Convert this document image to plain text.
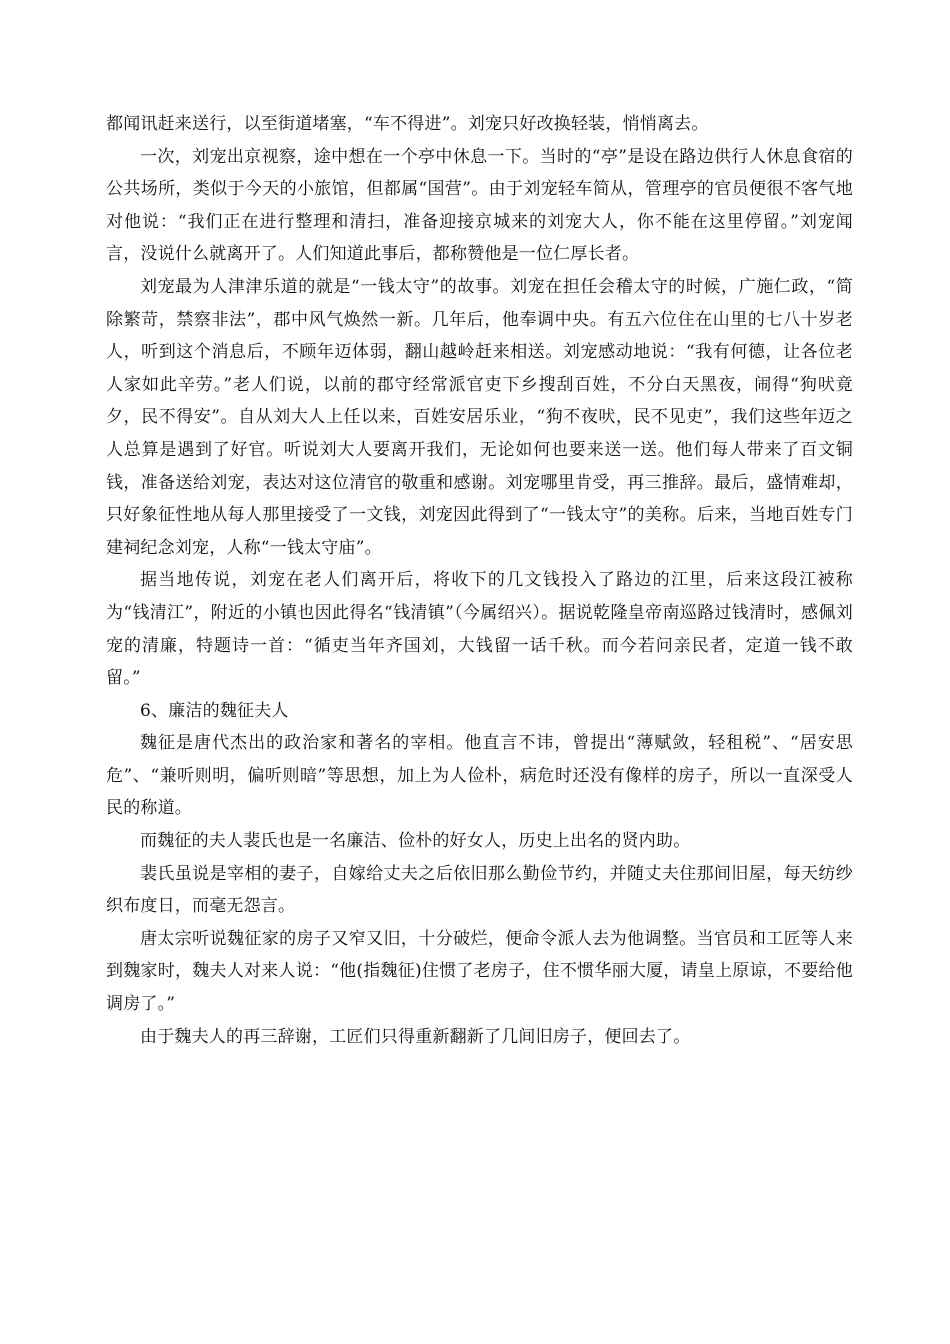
都闻讯赶来送行，以至街道堵塞，“车不得进”。刘宠只好改换轻装，悄悄离去。

一次，刘宠出京视察，途中想在一个亭中休息一下。当时的“亭”是设在路边供行人休息食宿的公共场所，类似于今天的小旅馆，但都属“国营”。由于刘宠轻车简从，管理亭的官员便很不客气地对他说：“我们正在进行整理和清扫，准备迎接京城来的刘宠大人，你不能在这里停留。”刘宠闻言，没说什么就离开了。人们知道此事后，都称赞他是一位仁厚长者。

刘宠最为人津津乐道的就是“一钱太守”的故事。刘宠在担任会稽太守的时候，广施仁政，“简除繁苛，禁察非法”，郡中风气焕然一新。几年后，他奉调中央。有五六位住在山里的七八十岁老人，听到这个消息后，不顾年迈体弱，翻山越岭赶来相送。刘宠感动地说：“我有何德，让各位老人家如此辛劳。”老人们说，以前的郡守经常派官吏下乡搜刮百姓，不分白天黑夜，闹得“狗吠竟夕，民不得安”。自从刘大人上任以来，百姓安居乐业，“狗不夜吠，民不见吏”，我们这些年迈之人总算是遇到了好官。听说刘大人要离开我们，无论如何也要来送一送。他们每人带来了百文铜钱，准备送给刘宠，表达对这位清官的敬重和感谢。刘宠哪里肯受，再三推辞。最后，盛情难却，只好象征性地从每人那里接受了一文钱，刘宠因此得到了“一钱太守”的美称。后来，当地百姓专门建祠纪念刘宠，人称“一钱太守庙”。

据当地传说，刘宠在老人们离开后，将收下的几文钱投入了路边的江里，后来这段江被称为“钱清江”，附近的小镇也因此得名“钱清镇”（今属绍兴）。据说乾隆皇帝南巡路过钱清时，感佩刘宠的清廉，特题诗一首：“循吏当年齐国刘，大钱留一话千秋。而今若问亲民者，定道一钱不敢留。”

6、廉洁的魏征夫人

魏征是唐代杰出的政治家和著名的宰相。他直言不讳，曾提出“薄赋敛，轻租税”、“居安思危”、“兼听则明，偏听则暗”等思想，加上为人俭朴，病危时还没有像样的房子，所以一直深受人民的称道。

而魏征的夫人裴氏也是一名廉洁、俭朴的好女人，历史上出名的贤内助。

裴氏虽说是宰相的妻子，自嫁给丈夫之后依旧那么勤俭节约，并随丈夫住那间旧屋，每天纺纱织布度日，而毫无怨言。

唐太宗听说魏征家的房子又窄又旧，十分破烂，便命令派人去为他调整。当官员和工匠等人来到魏家时，魏夫人对来人说：“他(指魏征)住惯了老房子，住不惯华丽大厦，请皇上原谅，不要给他调房了。”

由于魏夫人的再三辞谢，工匠们只得重新翻新了几间旧房子，便回去了。
